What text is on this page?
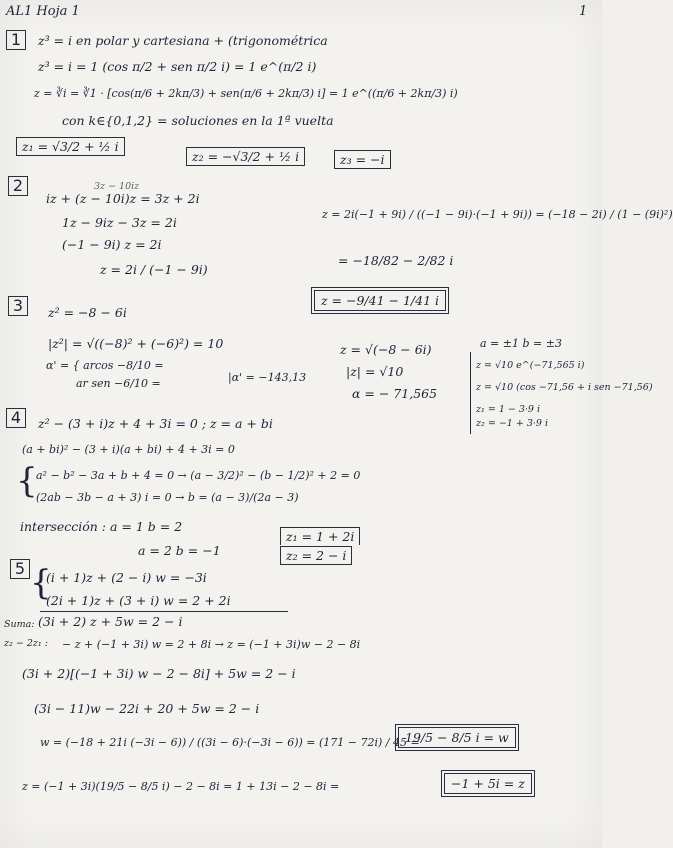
AL1 Hoja 1	1
1	z³ = i en polar y cartesiana + (trigonométrica
z³ = i = 1 (cos π/2 + sen π/2 i) = 1 e^(π/2 i)
z = ∛i = ∛1 · [cos(π/6 + 2kπ/3) + sen(π/6 + 2kπ/3) i] = 1 e^((π/6 + 2kπ/3) i)
con k∈{0,1,2} = soluciones en la 1ª vuelta
z₁ = √3/2 + ½ i
z₂ = −√3/2 + ½ i	z₃ = −i
2	3z − 10iz
iz + (z − 10i)z = 3z + 2i
1z − 9iz − 3z = 2i
(−1 − 9i) z = 2i
z = 2i / (−1 − 9i)
z = 2i(−1 + 9i) / ((−1 − 9i)·(−1 + 9i)) = (−18 − 2i) / (1 − (9i)²)
= −18/82 − 2/82 i
z = −9/41 − 1/41 i
3	z² = −8 − 6i
|z²| = √((−8)² + (−6)²) = 10
α' = { arcos −8/10 =
ar sen −6/10 =	|α' = −143,13
z = √(−8 − 6i)
|z| = √10
α = − 71,565
a = ±1 b = ±3
z = √10 e^(−71,565 i)
z = √10 (cos −71,56 + i sen −71,56)
z₁ = 1 − 3·9 i
z₂ = −1 + 3·9 i
4	z² − (3 + i)z + 4 + 3i = 0 ; z = a + bi
(a + bi)² − (3 + i)(a + bi) + 4 + 3i = 0
{
a² − b² − 3a + b + 4 = 0 → (a − 3/2)² − (b − 1/2)² + 2 = 0
(2ab − 3b − a + 3) i = 0 → b = (a − 3)/(2a − 3)
intersección : a = 1 b = 2
a = 2 b = −1
z₁ = 1 + 2i
z₂ = 2 − i
5 {
(i + 1)z + (2 − i) w = −3i
(2i + 1)z + (3 + i) w = 2 + 2i
Suma: (3i + 2) z + 5w = 2 − i
z₂ − 2z₁ : − z + (−1 + 3i) w = 2 + 8i → z = (−1 + 3i)w − 2 − 8i
(3i + 2)[(−1 + 3i) w − 2 − 8i] + 5w = 2 − i
(3i − 11)w − 22i + 20 + 5w = 2 − i
w = (−18 + 21i (−3i − 6)) / ((3i − 6)·(−3i − 6)) = (171 − 72i) / 45 =
19/5 − 8/5 i = w
z = (−1 + 3i)(19/5 − 8/5 i) − 2 − 8i = 1 + 13i − 2 − 8i =	−1 + 5i = z
